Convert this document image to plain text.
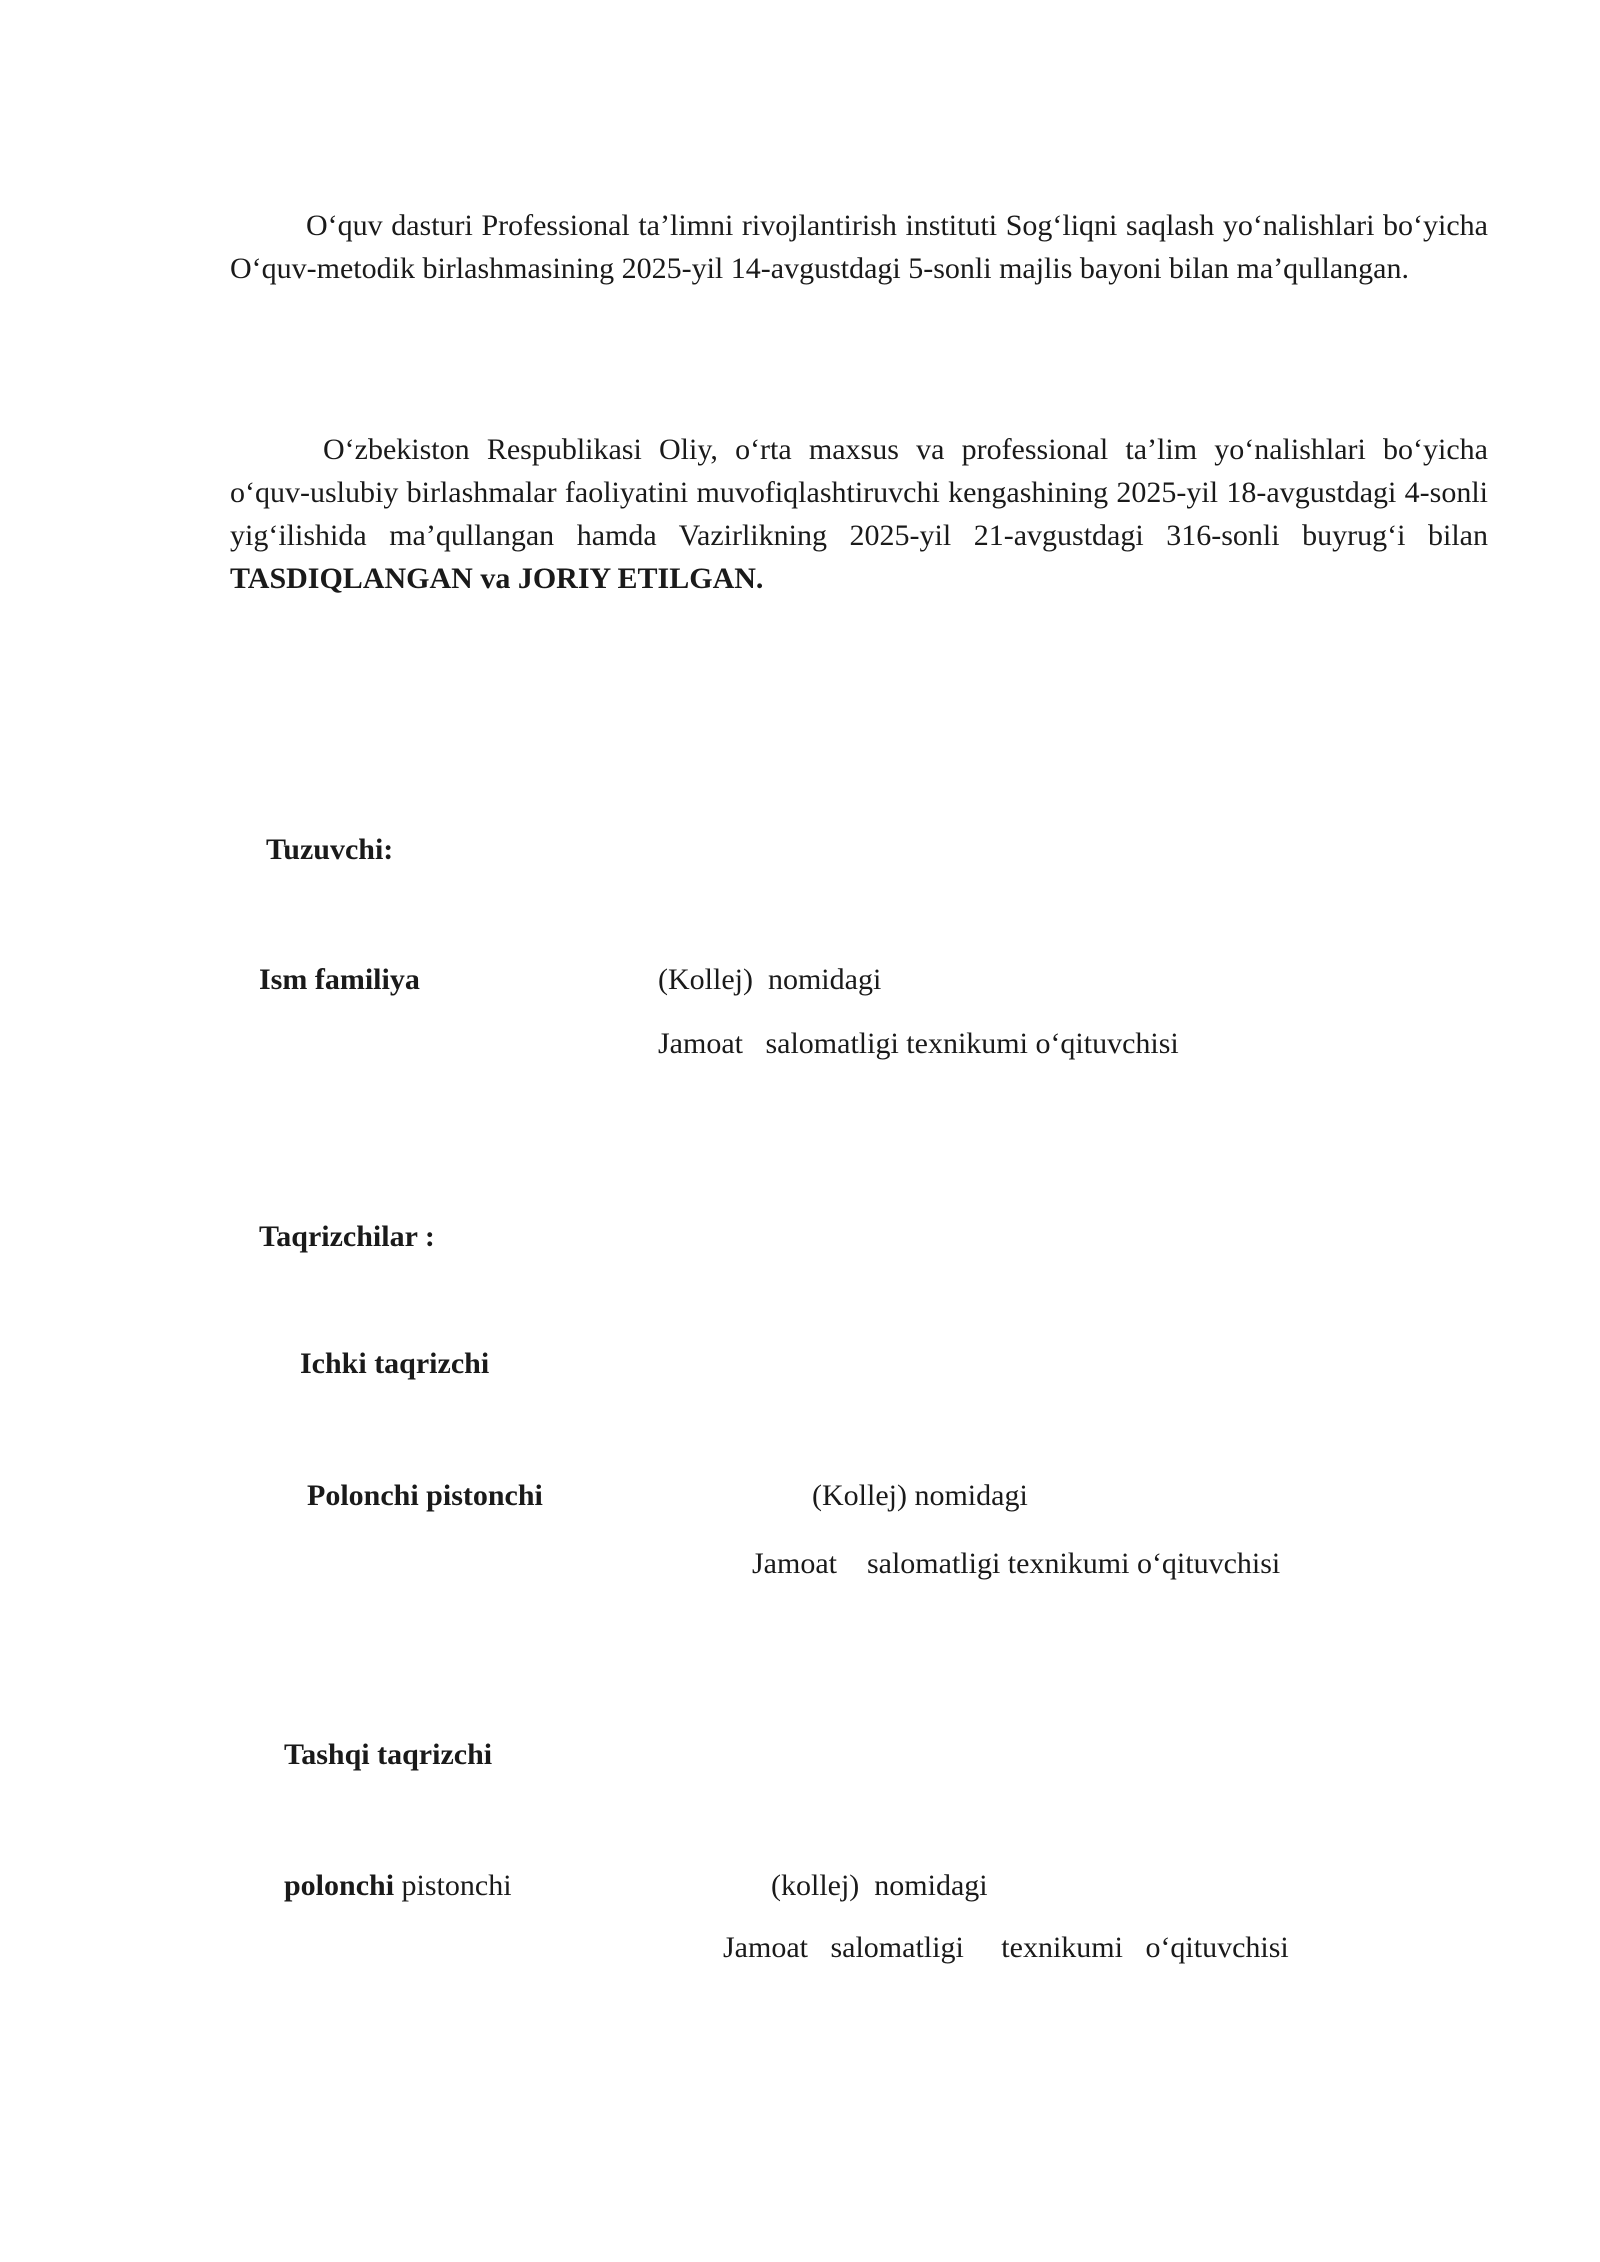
O‘quv dasturi Professional ta’limni rivojlantirish instituti Sog‘liqni saqlash yo‘nalishlari bo‘yicha O‘quv-metodik birlashmasining 2025-yil 14-avgustdagi 5-sonli majlis bayoni bilan ma’qullangan.

O‘zbekiston Respublikasi Oliy, o‘rta maxsus va professional ta’lim yo‘nalishlari bo‘yicha o‘quv-uslubiy birlashmalar faoliyatini muvofiqlashtiruvchi kengashining 2025-yil 18-avgustdagi 4-sonli yig‘ilishida ma’qullangan hamda Vazirlikning 2025-yil 21-avgustdagi 316-sonli buyrug‘i bilan TASDIQLANGAN va JORIY ETILGAN.

Tuzuvchi:
Ism familiya	(Kollej)  nomidagi
Jamoat   salomatligi texnikumi o‘qituvchisi
Taqrizchilar :
Ichki taqrizchi
Polonchi pistonchi	(Kollej) nomidagi
Jamoat    salomatligi texnikumi o‘qituvchisi
Tashqi taqrizchi
polonchi pistonchi	(kollej)  nomidagi
Jamoat   salomatligi     texnikumi   o‘qituvchisi
